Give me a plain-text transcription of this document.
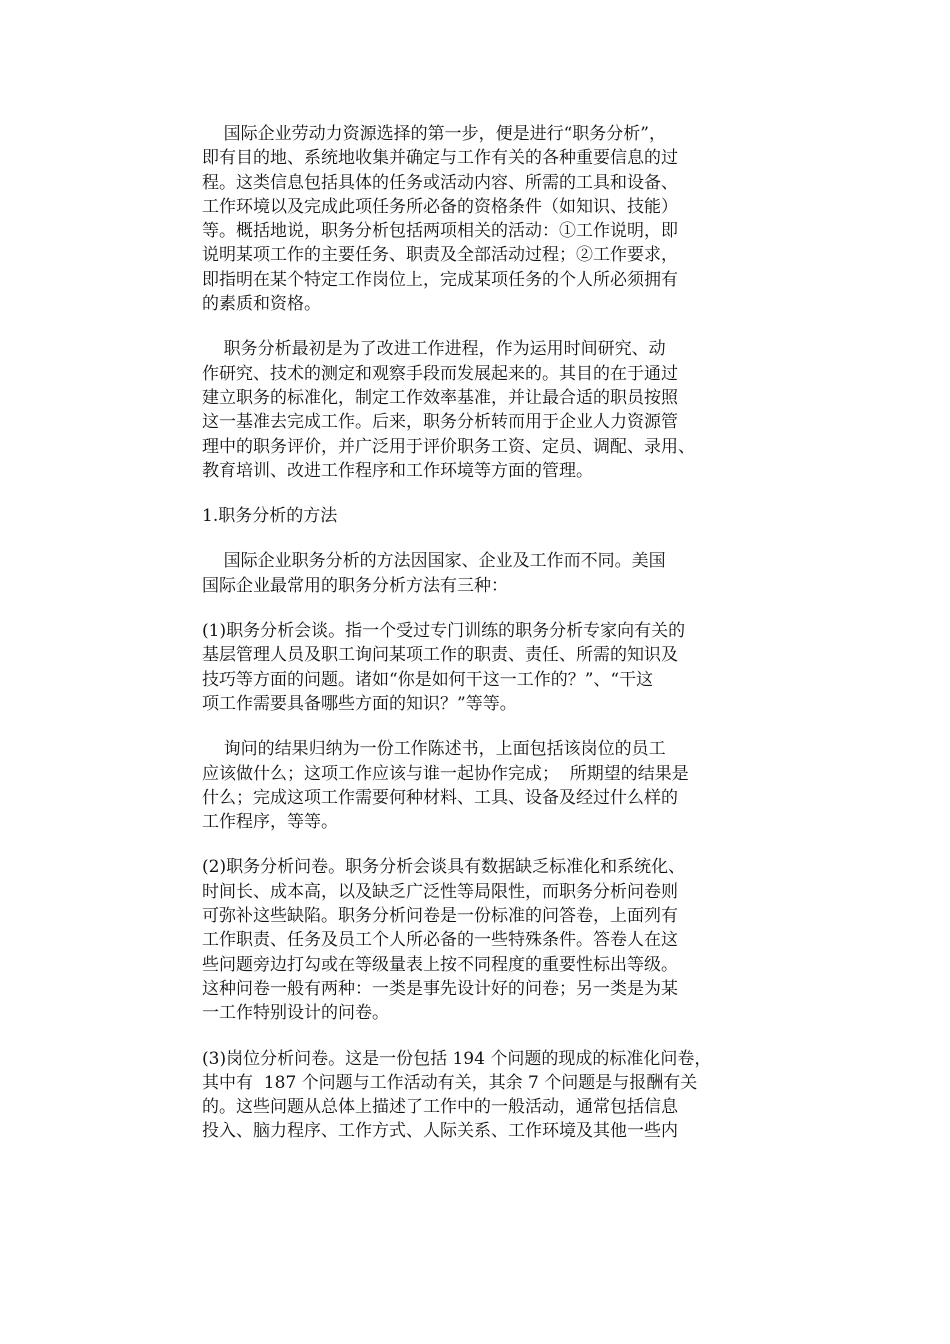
国际企业劳动力资源选择的第一步，便是进行“职务分析”，
即有目的地、系统地收集并确定与工作有关的各种重要信息的过
程。这类信息包括具体的任务或活动内容、所需的工具和设备、
工作环境以及完成此项任务所必备的资格条件（如知识、技能）
等。概括地说，职务分析包括两项相关的活动：①工作说明，即
说明某项工作的主要任务、职责及全部活动过程；②工作要求，
即指明在某个特定工作岗位上，完成某项任务的个人所必须拥有
的素质和资格。
职务分析最初是为了改进工作进程，作为运用时间研究、动
作研究、技术的测定和观察手段而发展起来的。其目的在于通过
建立职务的标准化，制定工作效率基准，并让最合适的职员按照
这一基准去完成工作。后来，职务分析转而用于企业人力资源管
理中的职务评价，并广泛用于评价职务工资、定员、调配、录用、
教育培训、改进工作程序和工作环境等方面的管理。
1.职务分析的方法
国际企业职务分析的方法因国家、企业及工作而不同。美国
国际企业最常用的职务分析方法有三种：
(1)职务分析会谈。指一个受过专门训练的职务分析专家向有关的
基层管理人员及职工询问某项工作的职责、责任、所需的知识及
技巧等方面的问题。诸如“你是如何干这一工作的？”、“干这
项工作需要具备哪些方面的知识？”等等。
询问的结果归纳为一份工作陈述书，上面包括该岗位的员工
应该做什么；这项工作应该与谁一起协作完成；  所期望的结果是
什么；完成这项工作需要何种材料、工具、设备及经过什么样的
工作程序，等等。
(2)职务分析问卷。职务分析会谈具有数据缺乏标准化和系统化、
时间长、成本高，以及缺乏广泛性等局限性，而职务分析问卷则
可弥补这些缺陷。职务分析问卷是一份标准的问答卷，上面列有
工作职责、任务及员工个人所必备的一些特殊条件。答卷人在这
些问题旁边打勾或在等级量表上按不同程度的重要性标出等级。
这种问卷一般有两种：一类是事先设计好的问卷；另一类是为某
一工作特别设计的问卷。
(3)岗位分析问卷。这是一份包括 194 个问题的现成的标准化问卷，
其中有  187 个问题与工作活动有关，其余 7 个问题是与报酬有关
的。这些问题从总体上描述了工作中的一般活动，通常包括信息
投入、脑力程序、工作方式、人际关系、工作环境及其他一些内
